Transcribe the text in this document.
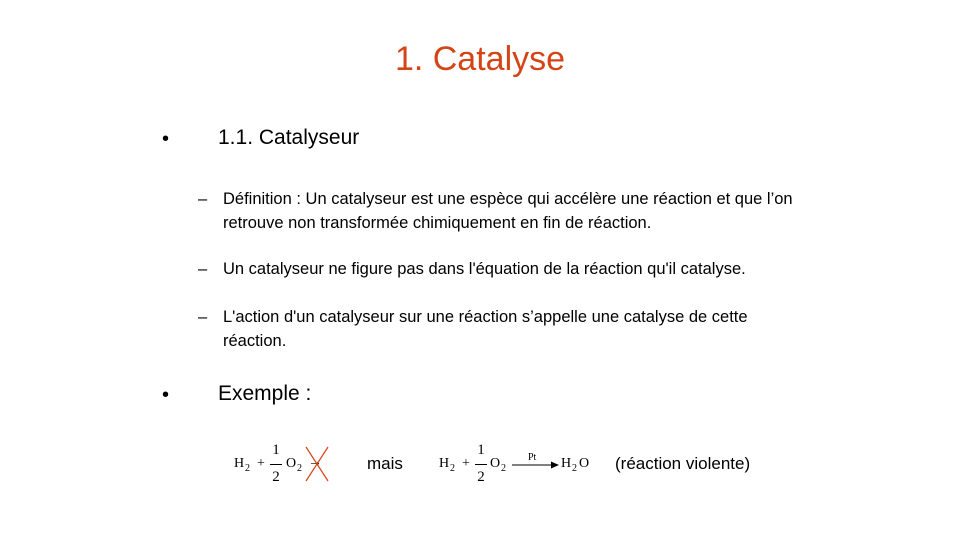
1. Catalyse
• 1.1. Catalyseur
– Définition : Un catalyseur est une espèce qui accélère une réaction et que l’on retrouve non transformée chimiquement en fin de réaction.
– Un catalyseur ne figure pas dans l'équation de la réaction qu'il catalyse.
– L'action d'un catalyseur sur une réaction s’appelle une catalyse de cette réaction.
• Exemple :
H 2 +
1
2
O 2 →	mais	H 2 +
1
2
O 2
Pt → H 2 O (réaction violente)
